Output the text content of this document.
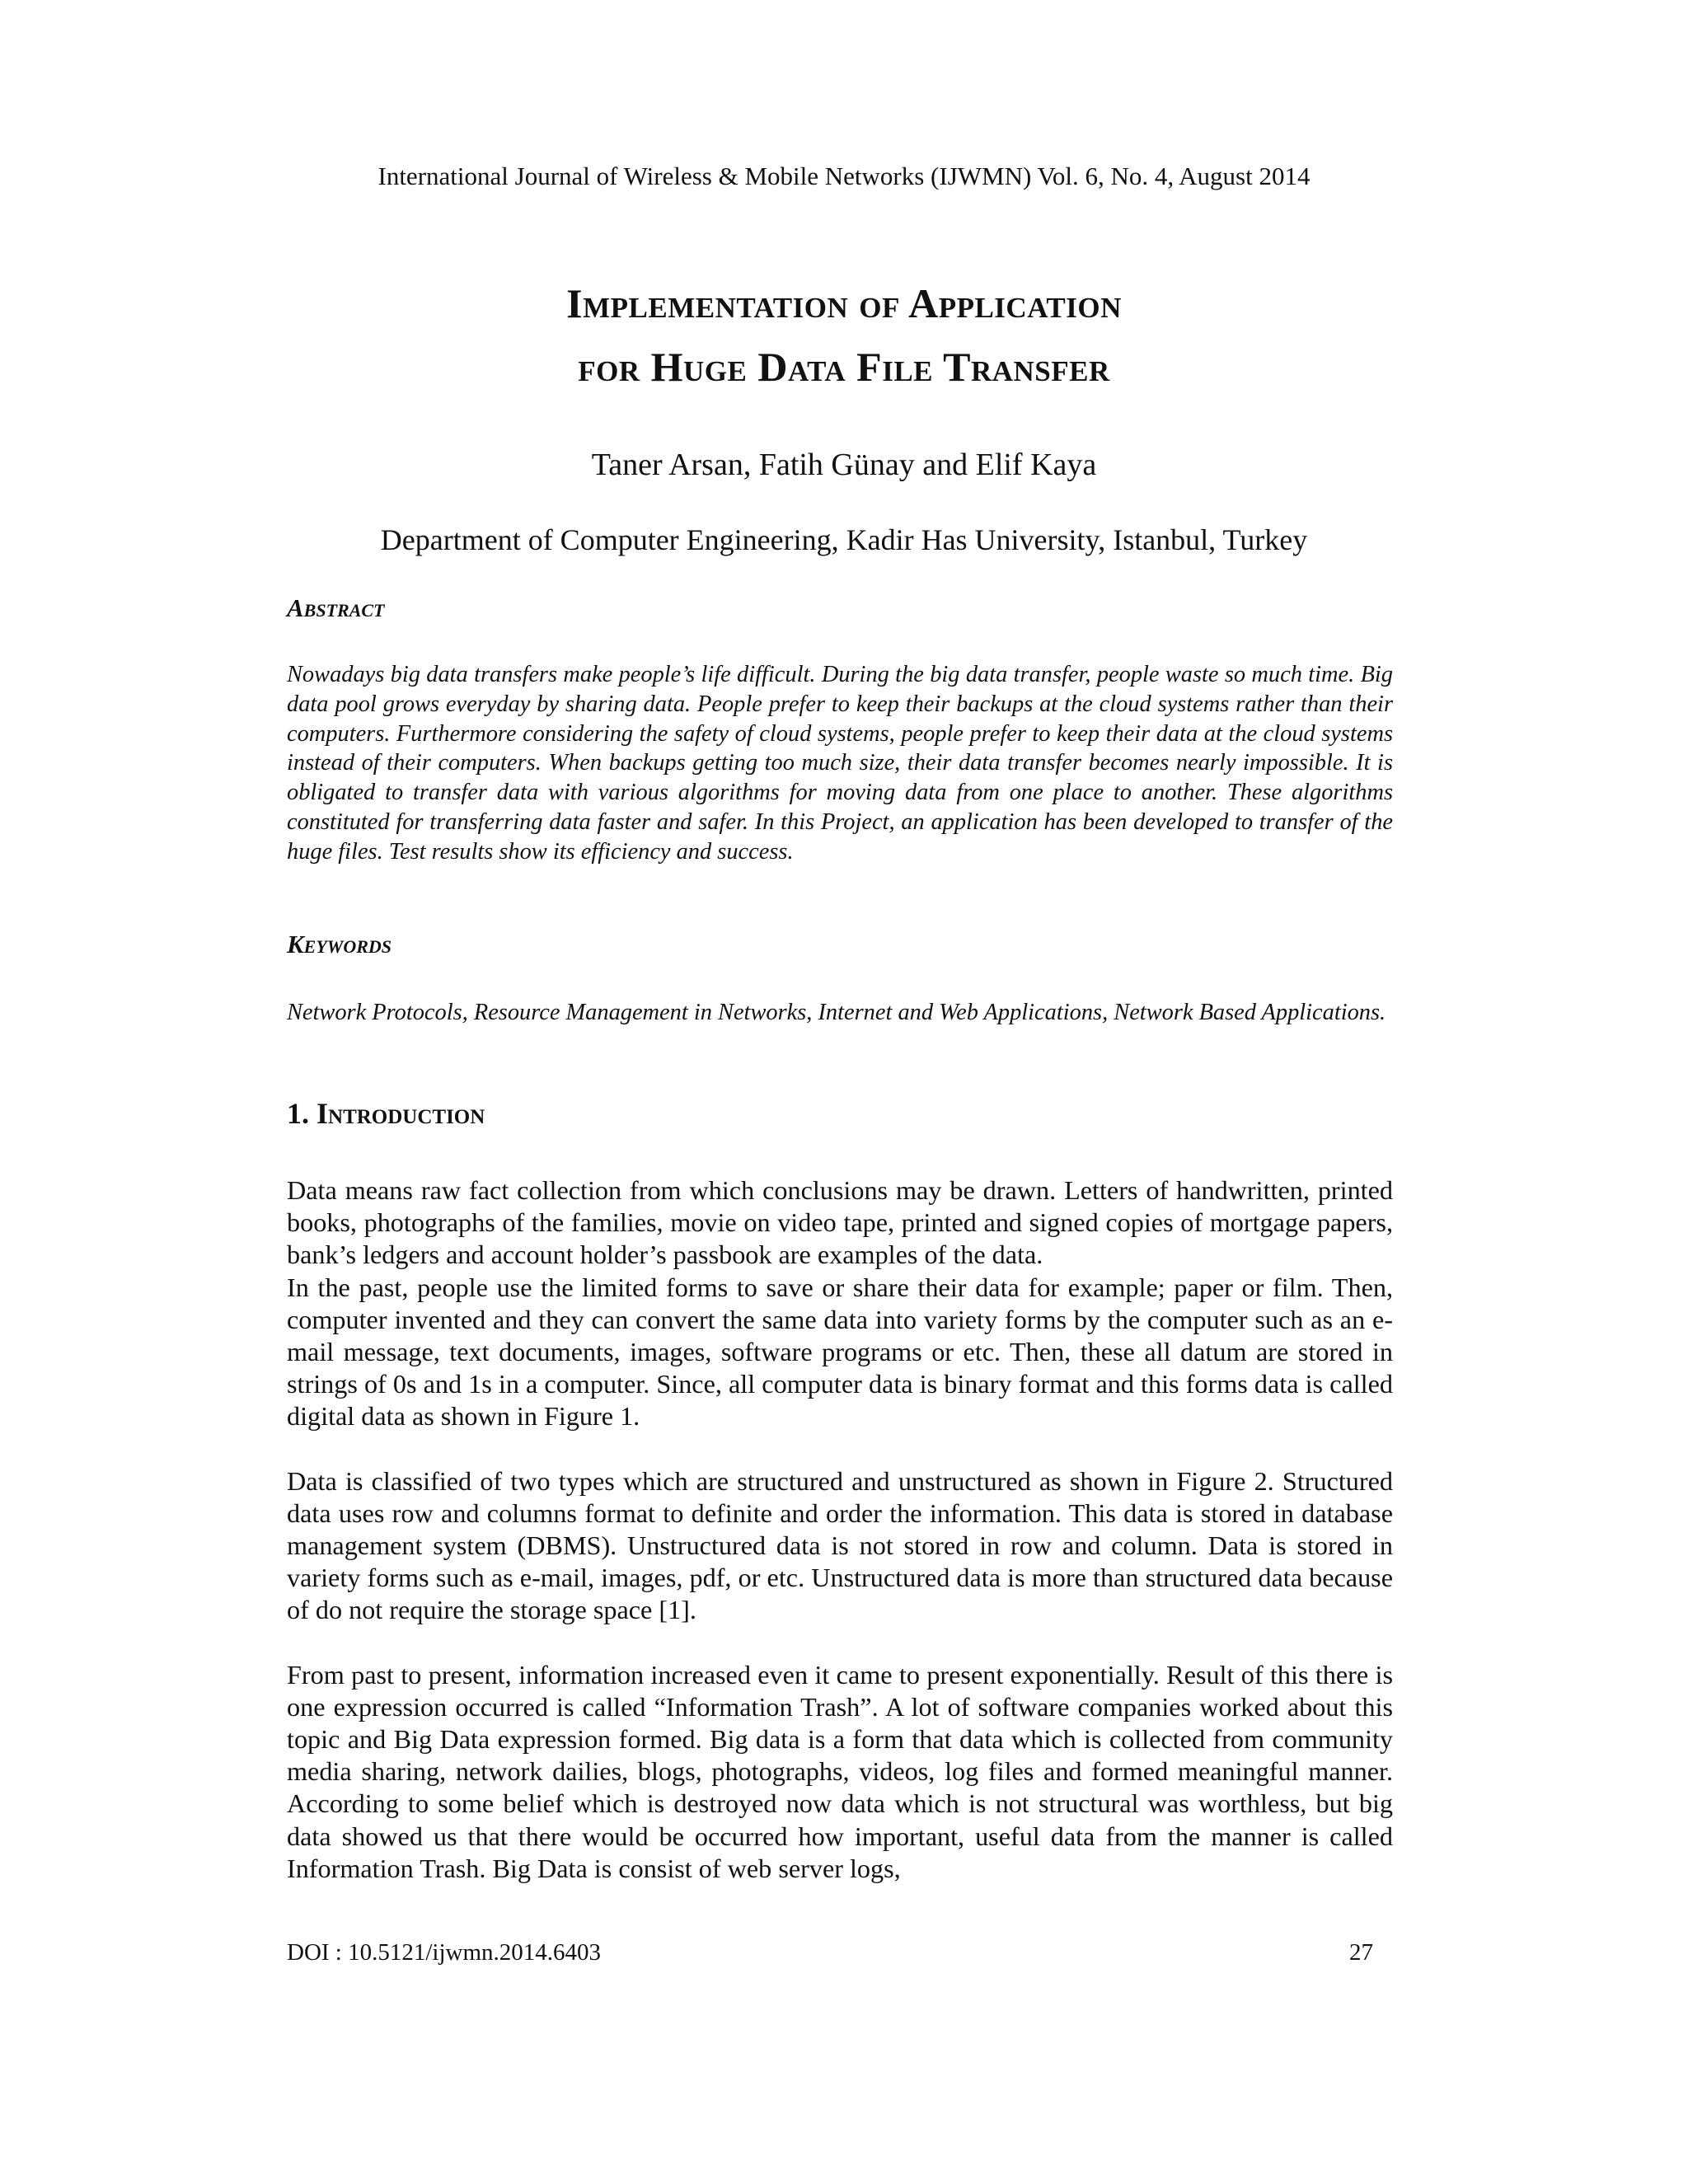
International Journal of Wireless & Mobile Networks (IJWMN) Vol. 6, No. 4, August 2014
Implementation of Application
for Huge Data File Transfer
Taner Arsan, Fatih Günay and Elif Kaya
Department of Computer Engineering, Kadir Has University, Istanbul, Turkey
Abstract

Nowadays big data transfers make people’s life difficult. During the big data transfer, people waste so much time. Big data pool grows everyday by sharing data. People prefer to keep their backups at the cloud systems rather than their computers. Furthermore considering the safety of cloud systems, people prefer to keep their data at the cloud systems instead of their computers. When backups getting too much size, their data transfer becomes nearly impossible. It is obligated to transfer data with various algorithms for moving data from one place to another. These algorithms constituted for transferring data faster and safer. In this Project, an application has been developed to transfer of the huge files. Test results show its efficiency and success.

Keywords

Network Protocols, Resource Management in Networks, Internet and Web Applications, Network Based Applications.

1. Introduction

Data means raw fact collection from which conclusions may be drawn. Letters of handwritten, printed books, photographs of the families, movie on video tape, printed and signed copies of mortgage papers, bank’s ledgers and account holder’s passbook are examples of the data.

In the past, people use the limited forms to save or share their data for example; paper or film. Then, computer invented and they can convert the same data into variety forms by the computer such as an e-mail message, text documents, images, software programs or etc. Then, these all datum are stored in strings of 0s and 1s in a computer. Since, all computer data is binary format and this forms data is called digital data as shown in Figure 1.

Data is classified of two types which are structured and unstructured as shown in Figure 2. Structured data uses row and columns format to definite and order the information. This data is stored in database management system (DBMS). Unstructured data is not stored in row and column. Data is stored in variety forms such as e-mail, images, pdf, or etc. Unstructured data is more than structured data because of do not require the storage space [1].

From past to present, information increased even it came to present exponentially. Result of this there is one expression occurred is called “Information Trash”. A lot of software companies worked about this topic and Big Data expression formed. Big data is a form that data which is collected from community media sharing, network dailies, blogs, photographs, videos, log files and formed meaningful manner. According to some belief which is destroyed now data which is not structural was worthless, but big data showed us that there would be occurred how important, useful data from the manner is called Information Trash. Big Data is consist of web server logs,

DOI : 10.5121/ijwmn.2014.6403	27
